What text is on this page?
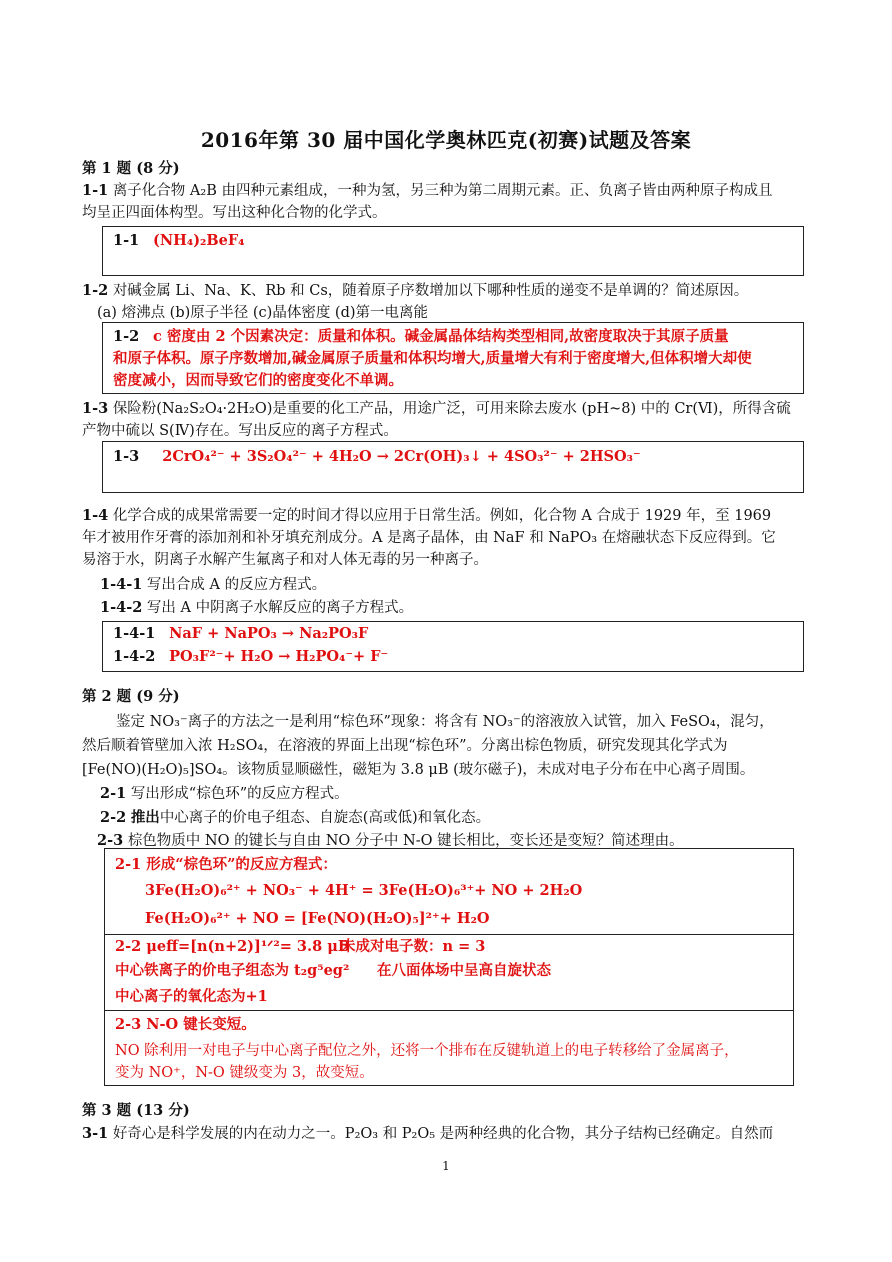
2016年第 30 届中国化学奥林匹克(初赛)试题及答案
第 1 题 (8 分)
1-1 离子化合物 A₂B 由四种元素组成，一种为氢，另三种为第二周期元素。正、负离子皆由两种原子构成且
均呈正四面体构型。写出这种化合物的化学式。
1-1 (NH₄)₂BeF₄
1-2 对碱金属 Li、Na、K、Rb 和 Cs，随着原子序数增加以下哪种性质的递变不是单调的？简述原因。
(a) 熔沸点 (b)原子半径 (c)晶体密度 (d)第一电离能
1-2 c 密度由 2 个因素决定：质量和体积。碱金属晶体结构类型相同,故密度取决于其原子质量
和原子体积。原子序数增加,碱金属原子质量和体积均增大,质量增大有利于密度增大,但体积增大却使
密度减小，因而导致它们的密度变化不单调。
1-3 保险粉(Na₂S₂O₄·2H₂O)是重要的化工产品，用途广泛，可用来除去废水 (pH~8) 中的 Cr(Ⅵ)，所得含硫
产物中硫以 S(Ⅳ)存在。写出反应的离子方程式。
1-3 2CrO₄²⁻ + 3S₂O₄²⁻ + 4H₂O → 2Cr(OH)₃↓ + 4SO₃²⁻ + 2HSO₃⁻
1-4 化学合成的成果常需要一定的时间才得以应用于日常生活。例如，化合物 A 合成于 1929 年，至 1969
年才被用作牙膏的添加剂和补牙填充剂成分。A 是离子晶体，由 NaF 和 NaPO₃ 在熔融状态下反应得到。它
易溶于水，阴离子水解产生氟离子和对人体无毒的另一种离子。
1-4-1 写出合成 A 的反应方程式。
1-4-2 写出 A 中阴离子水解反应的离子方程式。
1-4-1 NaF + NaPO₃ → Na₂PO₃F
1-4-2 PO₃F²⁻+ H₂O → H₂PO₄⁻+ F⁻
第 2 题 (9 分)
鉴定 NO₃⁻离子的方法之一是利用“棕色环”现象：将含有 NO₃⁻的溶液放入试管，加入 FeSO₄，混匀，
然后顺着管壁加入浓 H₂SO₄，在溶液的界面上出现“棕色环”。分离出棕色物质，研究发现其化学式为
[Fe(NO)(H₂O)₅]SO₄。该物质显顺磁性，磁矩为 3.8 μB (玻尔磁子)，未成对电子分布在中心离子周围。
2-1 写出形成“棕色环”的反应方程式。
2-2 推出中心离子的价电子组态、自旋态(高或低)和氧化态。
2-3 棕色物质中 NO 的键长与自由 NO 分子中 N-O 键长相比，变长还是变短？简述理由。
2-1 形成“棕色环”的反应方程式：
3Fe(H₂O)₆²⁺ + NO₃⁻ + 4H⁺ = 3Fe(H₂O)₆³⁺+ NO + 2H₂O
Fe(H₂O)₆²⁺ + NO = [Fe(NO)(H₂O)₅]²⁺+ H₂O
2-2 μeff=[n(n+2)]¹ᐟ²= 3.8 μB
未成对电子数：n = 3
中心铁离子的价电子组态为 t₂g⁵eg² 在八面体场中呈高自旋状态
中心离子的氧化态为+1
2-3 N-O 键长变短。
NO 除利用一对电子与中心离子配位之外，还将一个排布在反键轨道上的电子转移给了金属离子，
变为 NO⁺，N-O 键级变为 3，故变短。
第 3 题 (13 分)
3-1 好奇心是科学发展的内在动力之一。P₂O₃ 和 P₂O₅ 是两种经典的化合物，其分子结构已经确定。自然而
1
